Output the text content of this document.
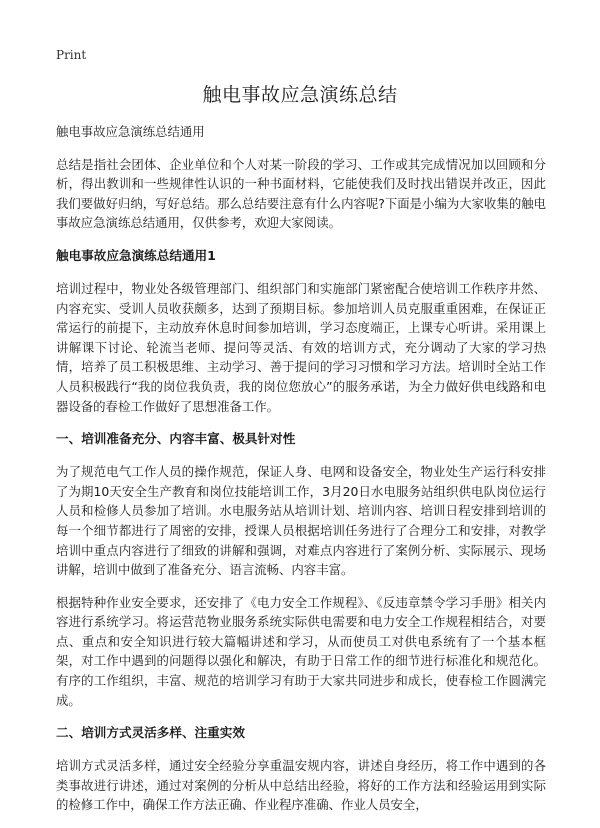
Print
触电事故应急演练总结

触电事故应急演练总结通用

总结是指社会团体、企业单位和个人对某一阶段的学习、工作或其完成情况加以回顾和分析，得出教训和一些规律性认识的一种书面材料，它能使我们及时找出错误并改正，因此我们要做好归纳，写好总结。那么总结要注意有什么内容呢?下面是小编为大家收集的触电事故应急演练总结通用，仅供参考，欢迎大家阅读。

触电事故应急演练总结通用1

培训过程中，物业处各级管理部门、组织部门和实施部门紧密配合使培训工作秩序井然、内容充实、受训人员收获颇多，达到了预期目标。参加培训人员克服重重困难，在保证正常运行的前提下，主动放弃休息时间参加培训，学习态度端正，上课专心听讲。采用课上讲解课下讨论、轮流当老师、提问等灵活、有效的培训方式，充分调动了大家的学习热情，培养了员工积极思维、主动学习、善于提问的学习习惯和学习方法。培训时全站工作人员积极践行“我的岗位我负责，我的岗位您放心”的服务承诺，为全力做好供电线路和电器设备的春检工作做好了思想准备工作。

一、培训准备充分、内容丰富、极具针对性

为了规范电气工作人员的操作规范，保证人身、电网和设备安全，物业处生产运行科安排了为期10天安全生产教育和岗位技能培训工作，3月20日水电服务站组织供电队岗位运行人员和检修人员参加了培训。水电服务站从培训计划、培训内容、培训日程安排到培训的每一个细节都进行了周密的安排，授课人员根据培训任务进行了合理分工和安排，对教学培训中重点内容进行了细致的讲解和强调，对难点内容进行了案例分析、实际展示、现场讲解，培训中做到了准备充分、语言流畅、内容丰富。

根据特种作业安全要求，还安排了《电力安全工作规程》、《反违章禁令学习手册》相关内容进行系统学习。将运营范物业服务系统实际供电需要和电力安全工作规程相结合，对要点、重点和安全知识进行较大篇幅讲述和学习，从而使员工对供电系统有了一个基本框架，对工作中遇到的问题得以强化和解决，有助于日常工作的细节进行标准化和规范化。有序的工作组织，丰富、规范的培训学习有助于大家共同进步和成长，使春检工作圆满完成。

二、培训方式灵活多样、注重实效

培训方式灵活多样，通过安全经验分享重温安规内容，讲述自身经历，将工作中遇到的各类事故进行讲述，通过对案例的分析从中总结出经验，将好的工作方法和经验运用到实际的检修工作中，确保工作方法正确、作业程序准确、作业人员安全，
